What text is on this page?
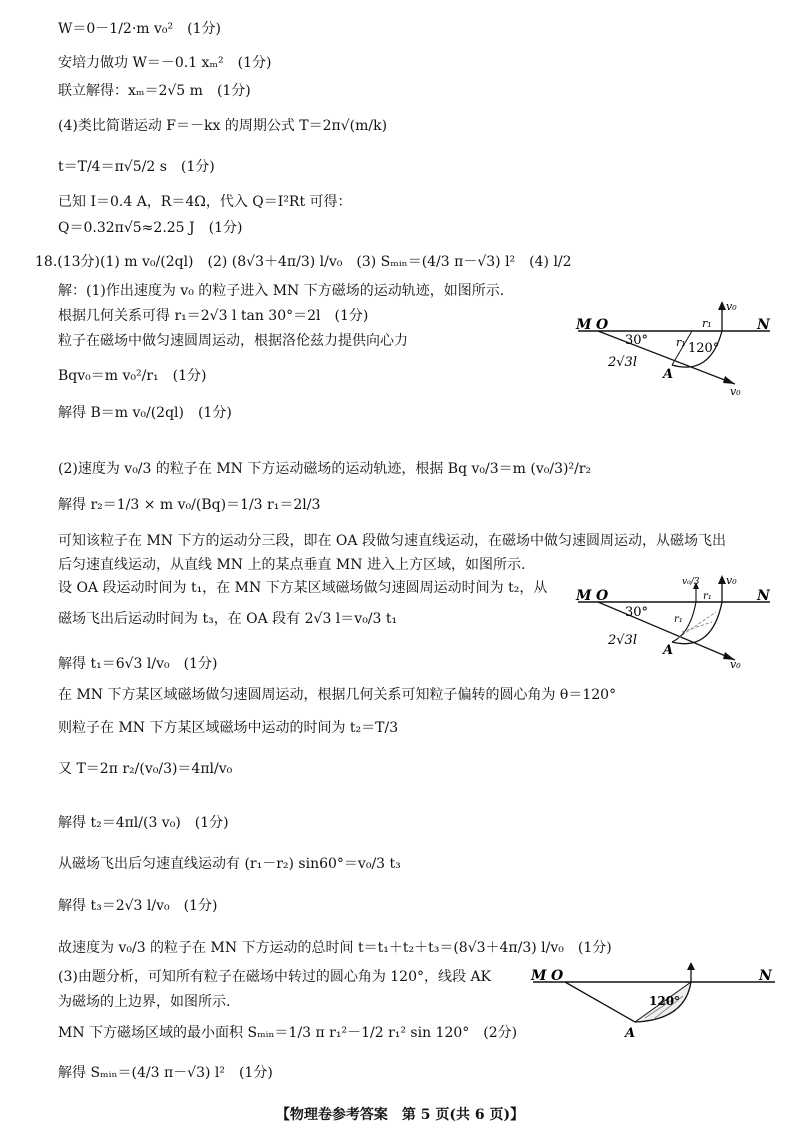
W＝0－1/2·m v₀²　(1分)
安培力做功 W＝－0.1 xₘ²　(1分)
联立解得：xₘ＝2√5 m　(1分)
(4)类比简谐运动 F＝－kx 的周期公式 T＝2π√(m/k)
t＝T/4＝π√5/2 s　(1分)
已知 I＝0.4 A，R＝4Ω，代入 Q＝I²Rt 可得：
Q＝0.32π√5≈2.25 J　(1分)
18.(13分)(1) m v₀/(2ql)　(2) (8√3＋4π/3) l/v₀　(3) Sₘᵢₙ＝(4/3 π－√3) l²　(4) l/2
解：(1)作出速度为 v₀ 的粒子进入 MN 下方磁场的运动轨迹，如图所示.
根据几何关系可得 r₁＝2√3 l tan 30°＝2l　(1分)
粒子在磁场中做匀速圆周运动，根据洛伦兹力提供向心力
Bqv₀＝m v₀²/r₁　(1分)
解得 B＝m v₀/(2ql)　(1分)
(2)速度为 v₀/3 的粒子在 MN 下方运动磁场的运动轨迹，根据 Bq v₀/3＝m (v₀/3)²/r₂
解得 r₂＝1/3 × m v₀/(Bq)＝1/3 r₁＝2l/3
可知该粒子在 MN 下方的运动分三段，即在 OA 段做匀速直线运动，在磁场中做匀速圆周运动，从磁场飞出
后匀速直线运动，从直线 MN 上的某点垂直 MN 进入上方区域，如图所示.
设 OA 段运动时间为 t₁，在 MN 下方某区域磁场做匀速圆周运动时间为 t₂，从
磁场飞出后运动时间为 t₃，在 OA 段有 2√3 l＝v₀/3 t₁
解得 t₁＝6√3 l/v₀　(1分)
在 MN 下方某区域磁场做匀速圆周运动，根据几何关系可知粒子偏转的圆心角为 θ＝120°
则粒子在 MN 下方某区域磁场中运动的时间为 t₂＝T/3
又 T＝2π r₂/(v₀/3)＝4πl/v₀
解得 t₂＝4πl/(3 v₀)　(1分)
从磁场飞出后匀速直线运动有 (r₁－r₂) sin60°＝v₀/3 t₃
解得 t₃＝2√3 l/v₀　(1分)
故速度为 v₀/3 的粒子在 MN 下方运动的总时间 t＝t₁＋t₂＋t₃＝(8√3＋4π/3) l/v₀　(1分)
(3)由题分析，可知所有粒子在磁场中转过的圆心角为 120°，线段 AK
为磁场的上边界，如图所示.
MN 下方磁场区域的最小面积 Sₘᵢₙ＝1/3 π r₁²－1/2 r₁² sin 120°　(2分)
解得 Sₘᵢₙ＝(4/3 π－√3) l²　(1分)
M O	N
30°
120°
r₁
r₁
2√3l
A
v₀
v₀
M O	N
30°
r₁
r₁
v₀/3 v₀
2√3l
A
v₀
M O	N
120°
A
【物理卷参考答案　第 5 页(共 6 页)】
